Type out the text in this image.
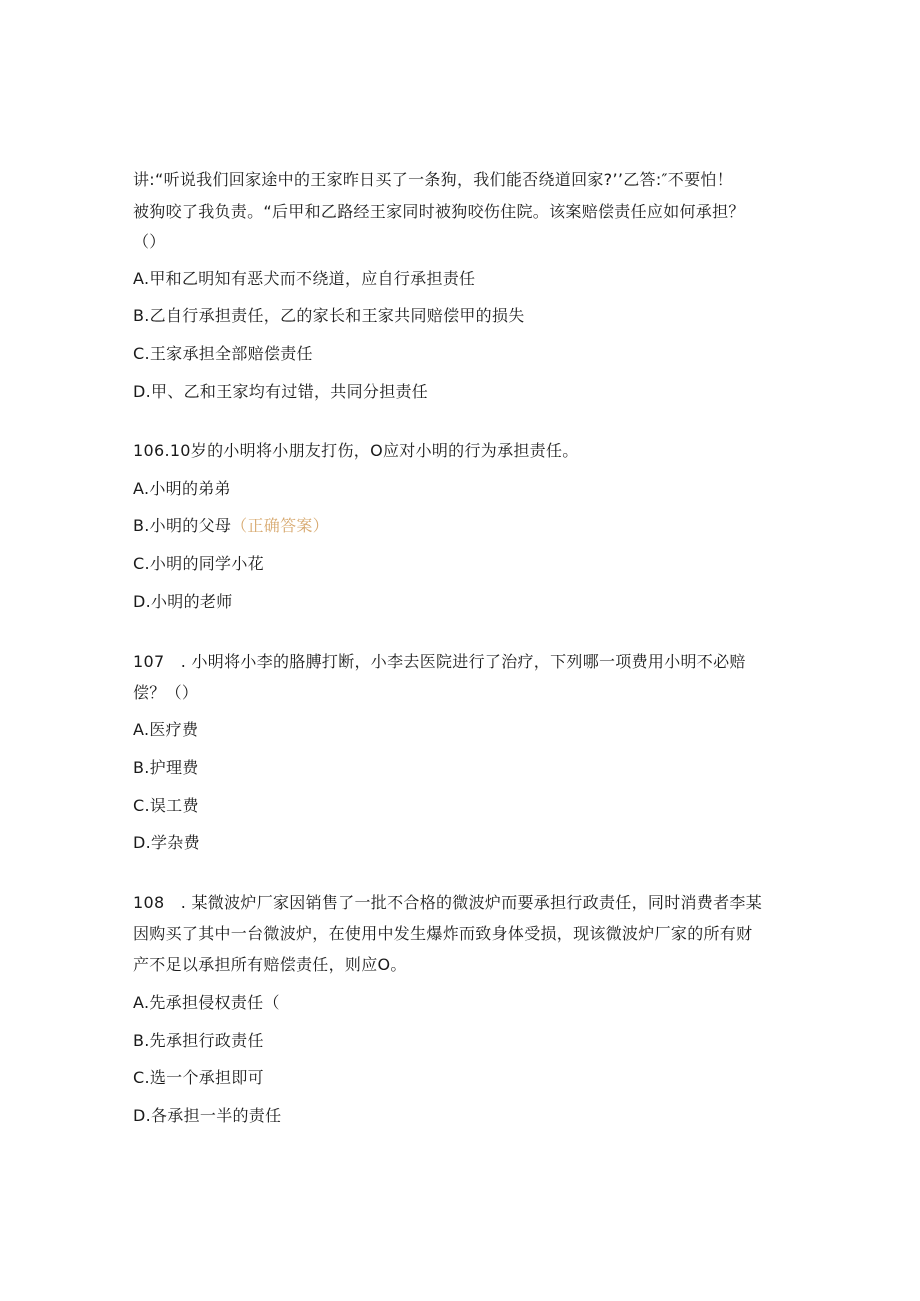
讲:“听说我们回家途中的王家昨日买了一条狗，我们能否绕道回家?’’乙答:″不要怕！
被狗咬了我负责。“后甲和乙路经王家同时被狗咬伤住院。该案赔偿责任应如何承担？
（）
A.甲和乙明知有恶犬而不绕道，应自行承担责任
B.乙自行承担责任，乙的家长和王家共同赔偿甲的损失
C.王家承担全部赔偿责任
D.甲、乙和王家均有过错，共同分担责任
106.10岁的小明将小朋友打伤，O应对小明的行为承担责任。
A.小明的弟弟
B.小明的父母（正确答案）
C.小明的同学小花
D.小明的老师
107　. 小明将小李的胳膊打断，小李去医院进行了治疗，下列哪一项费用小明不必赔
偿？（）
A.医疗费
B.护理费
C.误工费
D.学杂费
108　. 某微波炉厂家因销售了一批不合格的微波炉而要承担行政责任，同时消费者李某
因购买了其中一台微波炉，在使用中发生爆炸而致身体受损，现该微波炉厂家的所有财
产不足以承担所有赔偿责任，则应O。
A.先承担侵权责任（
B.先承担行政责任
C.选一个承担即可
D.各承担一半的责任
